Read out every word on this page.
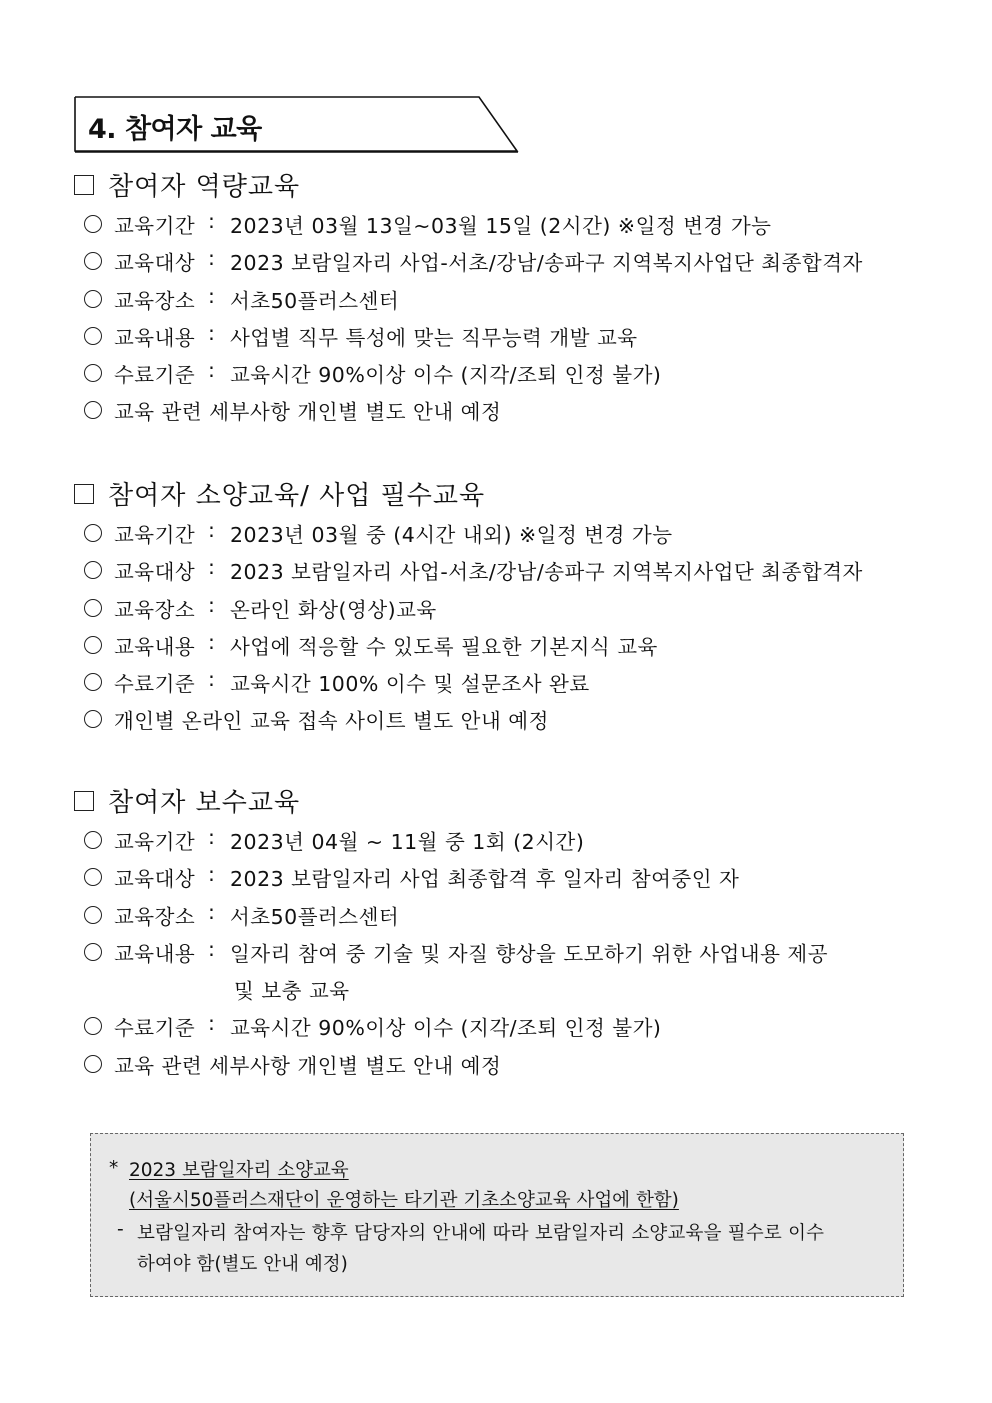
4. 참여자 교육
참여자 역량교육
교육기간 : 2023년 03월 13일~03월 15일 (2시간) ※일정 변경 가능
교육대상 : 2023 보람일자리 사업-서초/강남/송파구 지역복지사업단 최종합격자
교육장소 : 서초50플러스센터
교육내용 : 사업별 직무 특성에 맞는 직무능력 개발 교육
수료기준 : 교육시간 90%이상 이수 (지각/조퇴 인정 불가)
교육 관련 세부사항 개인별 별도 안내 예정
참여자 소양교육/ 사업 필수교육
교육기간 : 2023년 03월 중 (4시간 내외) ※일정 변경 가능
교육대상 : 2023 보람일자리 사업-서초/강남/송파구 지역복지사업단 최종합격자
교육장소 : 온라인 화상(영상)교육
교육내용 : 사업에 적응할 수 있도록 필요한 기본지식 교육
수료기준 : 교육시간 100% 이수 및 설문조사 완료
개인별 온라인 교육 접속 사이트 별도 안내 예정
참여자 보수교육
교육기간 : 2023년 04월 ~ 11월 중 1회 (2시간)
교육대상 : 2023 보람일자리 사업 최종합격 후 일자리 참여중인 자
교육장소 : 서초50플러스센터
교육내용 : 일자리 참여 중 기술 및 자질 향상을 도모하기 위한 사업내용 제공
및 보충 교육
수료기준 : 교육시간 90%이상 이수 (지각/조퇴 인정 불가)
교육 관련 세부사항 개인별 별도 안내 예정
* 2023 보람일자리 소양교육
(서울시50플러스재단이 운영하는 타기관 기초소양교육 사업에 한함)
- 보람일자리 참여자는 향후 담당자의 안내에 따라 보람일자리 소양교육을 필수로 이수
하여야 함(별도 안내 예정)
